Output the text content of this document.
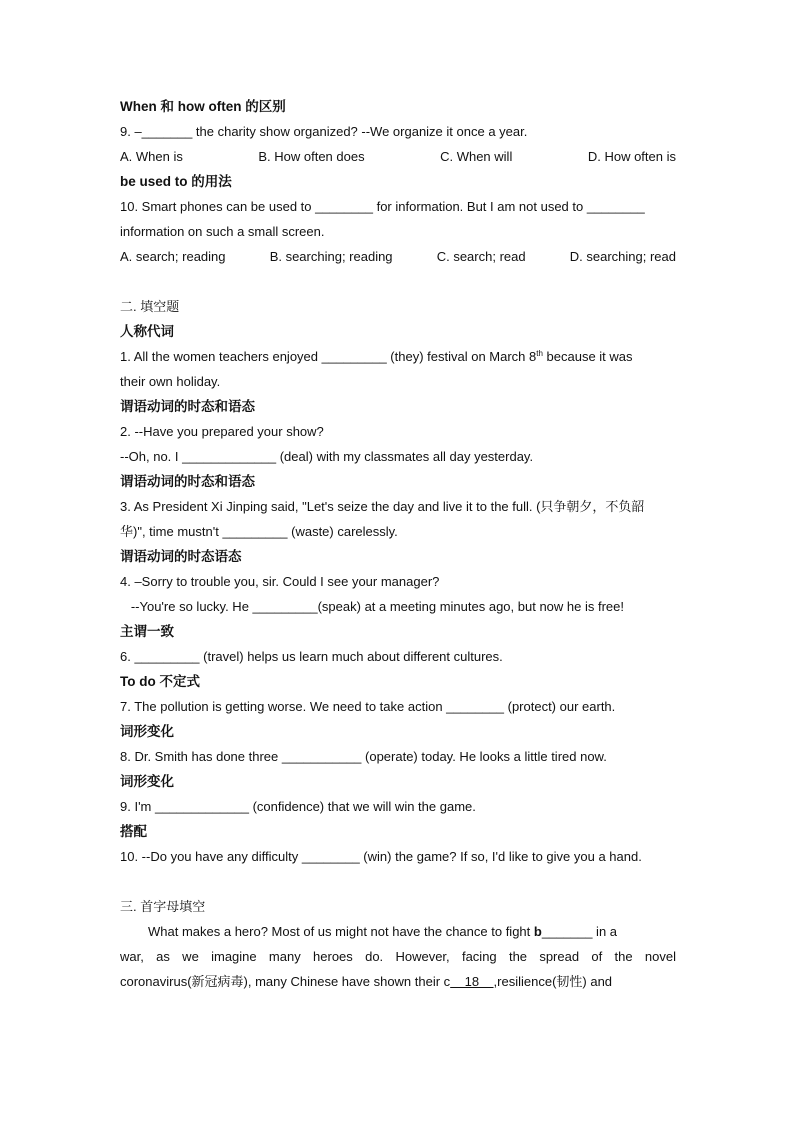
When 和 how often 的区别
9. –_______ the charity show organized? --We organize it once a year.
A. When is	B. How often does	C. When will	D. How often is
be used to 的用法
10. Smart phones can be used to ________ for information. But I am not used to ________
information on such a small screen.
A. search; reading	B. searching; reading	C. search; read	D. searching; read
二. 填空题
人称代词
1. All the women teachers enjoyed _________ (they) festival on March 8th because it was
their own holiday.
谓语动词的时态和语态
2. --Have you prepared your show?
--Oh, no. I _____________ (deal) with my classmates all day yesterday.
谓语动词的时态和语态
3. As President Xi Jinping said, "Let's seize the day and live it to the full. (只争朝夕，不负韶
华)", time mustn't _________ (waste) carelessly.
谓语动词的时态语态
4. –Sorry to trouble you, sir. Could I see your manager?
--You're so lucky. He _________(speak) at a meeting minutes ago, but now he is free!
主谓一致
6. _________ (travel) helps us learn much about different cultures.
To do 不定式
7. The pollution is getting worse. We need to take action ________ (protect) our earth.
词形变化
8. Dr. Smith has done three ___________ (operate) today. He looks a little tired now.
词形变化
9. I'm _____________ (confidence) that we will win the game.
搭配
10. --Do you have any difficulty ________ (win) the game? If so, I'd like to give you a hand.
三. 首字母填空
What makes a hero? Most of us might not have the chance to fight b_______ in a
war, as we imagine many heroes do. However, facing the spread of the novel
coronavirus(新冠病毒), many Chinese have shown their c    18    ,resilience(韧性) and
